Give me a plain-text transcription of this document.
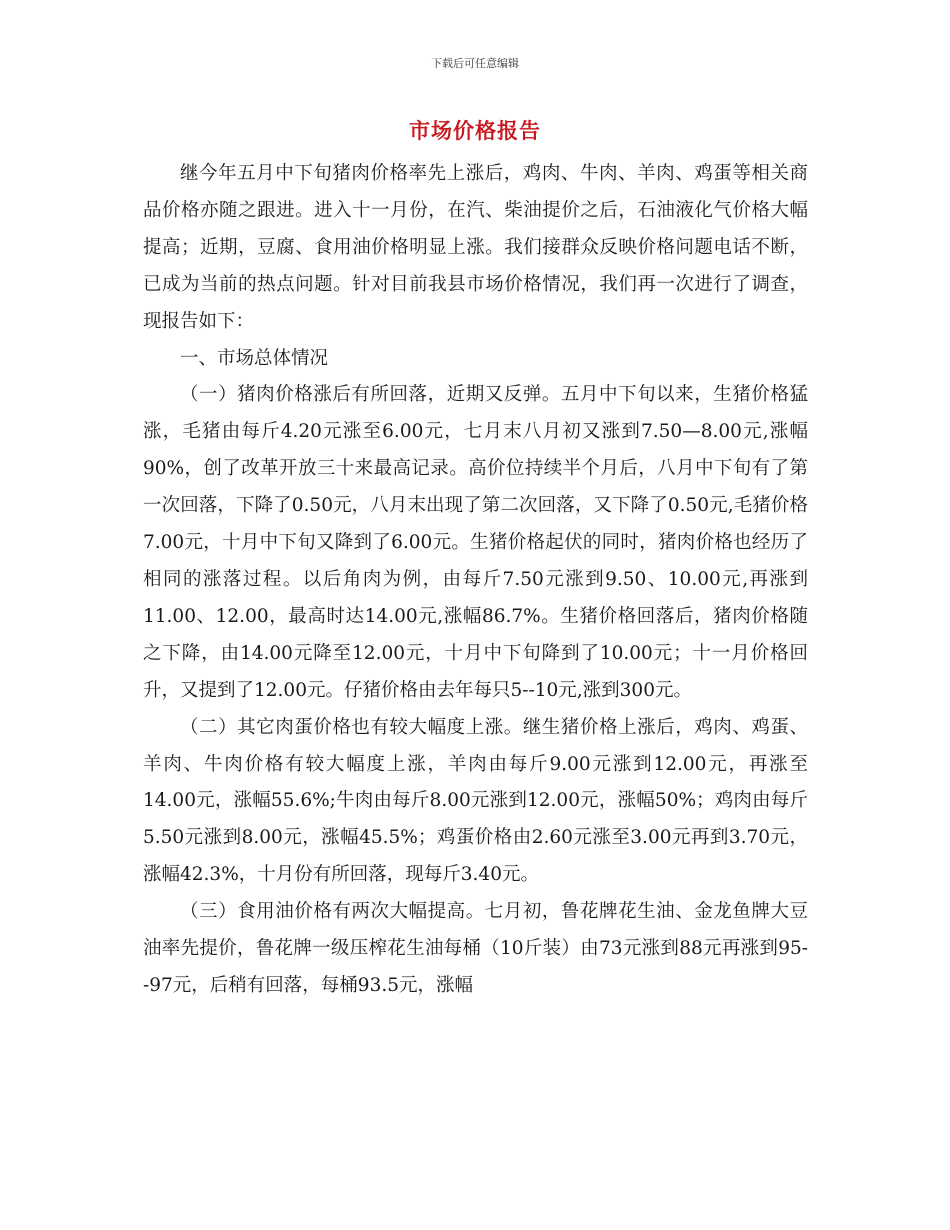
下载后可任意编辑
市场价格报告

继今年五月中下旬猪肉价格率先上涨后，鸡肉、牛肉、羊肉、鸡蛋等相关商品价格亦随之跟进。进入十一月份，在汽、柴油提价之后，石油液化气价格大幅提高；近期，豆腐、食用油价格明显上涨。我们接群众反映价格问题电话不断，已成为当前的热点问题。针对目前我县市场价格情况，我们再一次进行了调查，现报告如下：

一、市场总体情况

（一）猪肉价格涨后有所回落，近期又反弹。五月中下旬以来，生猪价格猛涨，毛猪由每斤4.20元涨至6.00元，七月末八月初又涨到7.50—8.00元,涨幅90%，创了改革开放三十来最高记录。高价位持续半个月后，八月中下旬有了第一次回落，下降了0.50元，八月末出现了第二次回落，又下降了0.50元,毛猪价格7.00元，十月中下旬又降到了6.00元。生猪价格起伏的同时，猪肉价格也经历了相同的涨落过程。以后角肉为例，由每斤7.50元涨到9.50、10.00元,再涨到11.00、12.00，最高时达14.00元,涨幅86.7%。生猪价格回落后，猪肉价格随之下降，由14.00元降至12.00元，十月中下旬降到了10.00元；十一月价格回升，又提到了12.00元。仔猪价格由去年每只5--10元,涨到300元。

（二）其它肉蛋价格也有较大幅度上涨。继生猪价格上涨后，鸡肉、鸡蛋、羊肉、牛肉价格有较大幅度上涨，羊肉由每斤9.00元涨到12.00元，再涨至14.00元，涨幅55.6%;牛肉由每斤8.00元涨到12.00元，涨幅50%；鸡肉由每斤5.50元涨到8.00元，涨幅45.5%；鸡蛋价格由2.60元涨至3.00元再到3.70元，涨幅42.3%，十月份有所回落，现每斤3.40元。

（三）食用油价格有两次大幅提高。七月初，鲁花牌花生油、金龙鱼牌大豆油率先提价，鲁花牌一级压榨花生油每桶（10斤装）由73元涨到88元再涨到95--97元，后稍有回落，每桶93.5元，涨幅
